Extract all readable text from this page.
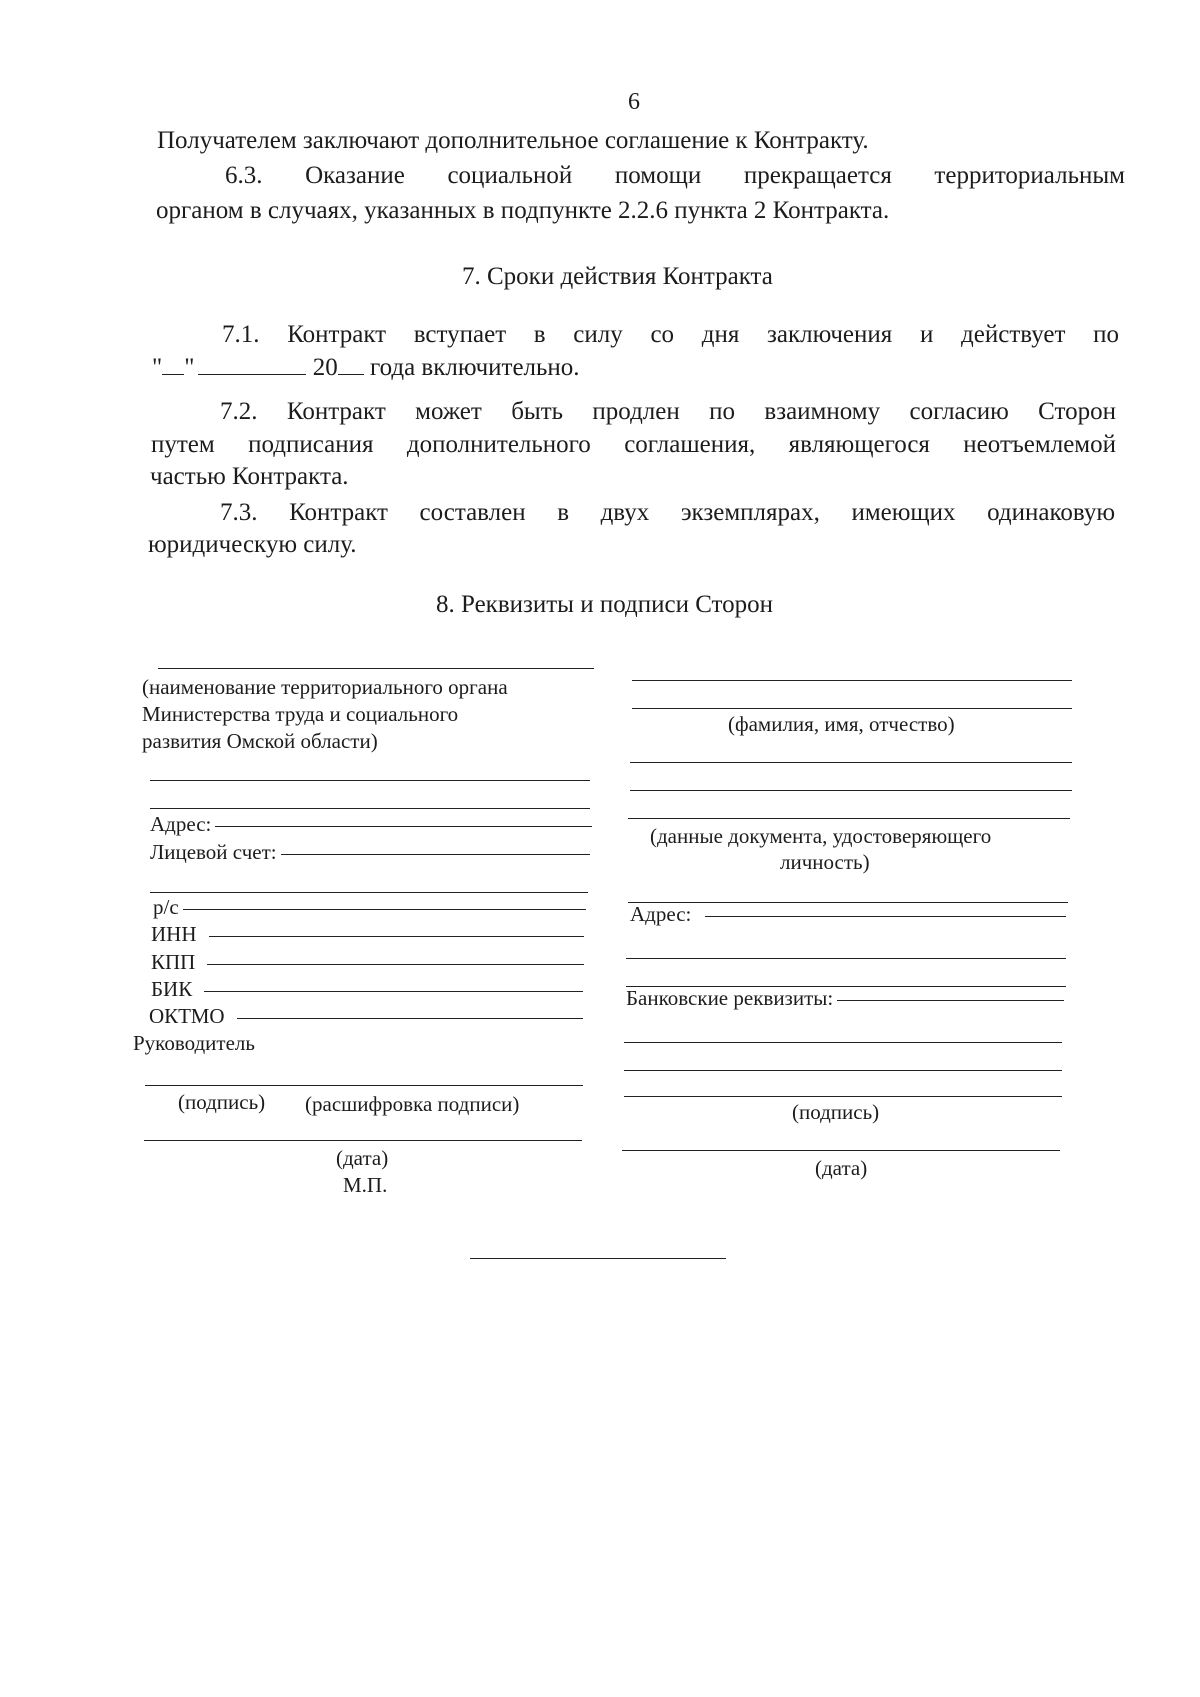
6
Получателем заключают дополнительное соглашение к Контракту.
6.3. Оказание социальной помощи прекращается территориальным
органом в случаях, указанных в подпункте 2.2.6 пункта 2 Контракта.
7. Сроки действия Контракта
7.1. Контракт вступает в силу со дня заключения и действует по
" "	20 года включительно.
7.2. Контракт может быть продлен по взаимному согласию Сторон
путем подписания дополнительного соглашения, являющегося неотъемлемой
частью Контракта.
7.3. Контракт составлен в двух экземплярах, имеющих одинаковую
юридическую силу.
8. Реквизиты и подписи Сторон
(наименование территориального органа
Министерства труда и социального
развития Омской области)
Адрес:
Лицевой счет:
р/с
ИНН
КПП
БИК
ОКТМО
Руководитель
(подпись) (расшифровка подписи)
(дата)
М.П.
(фамилия, имя, отчество)
(данные документа, удостоверяющего
личность)
Адрес:
Банковские реквизиты:
(подпись)
(дата)
